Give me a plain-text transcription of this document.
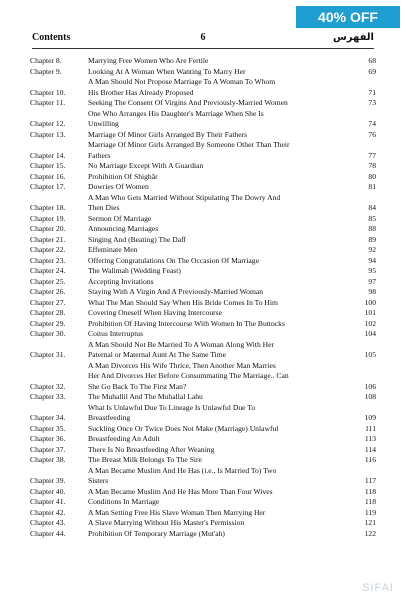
40% OFF
Contents	6	الفهرس
Chapter 8.	Marrying Free Women Who Are Fertile	68
Chapter 9.	Looking At A Woman When Wanting To Marry Her	69
Chapter 10.
A Man Should Not Propose Marriage To A Woman To Whom
His Brother Has Already Proposed	71
Chapter 11.	Seeking The Consent Of Virgins And Previously-Married Women	73
Chapter 12.
One Who Arranges His Daughter's Marriage When She Is
Unwilling	74
Chapter 13.	Marriage Of Minor Girls Arranged By Their Fathers	76
Chapter 14.
Marriage Of Minor Girls Arranged By Someone Other Than Their
Fathers	77
Chapter 15.	No Marriage Except With A Guardian	78
Chapter 16.	Prohibition Of Shighār	80
Chapter 17.	Dowries Of Women	81
Chapter 18.
A Man Who Gets Married Without Stipulating The Dowry And
Then Dies	84
Chapter 19.	Sermon Of Marriage	85
Chapter 20.	Announcing Marriages	88
Chapter 21.	Singing And (Beating) The Daff	89
Chapter 22.	Effeminate Men	92
Chapter 23.	Offering Congratulations On The Occasion Of Marriage	94
Chapter 24.	The Walimah (Wedding Feast)	95
Chapter 25.	Accepting Invitations	97
Chapter 26.	Staying With A Virgin And A Previously-Married Woman	98
Chapter 27.	What The Man Should Say When His Bride Comes In To Him	100
Chapter 28.	Covering Oneself When Having Intercourse	101
Chapter 29.	Prohibition Of Having Intercourse With Women In The Buttocks	102
Chapter 30.	Coitus Interruptus	104
Chapter 31.
A Man Should Not Be Married To A Woman Along With Her
Paternal or Maternal Aunt At The Same Time	105
Chapter 32.
A Man Divorces His Wife Thrice, Then Another Man Marries
Her And Divorces Her Before Consummating The Marriage.. Can
She Go Back To The First Man?	106
Chapter 33.	The Muhallil And The Muhallal Lahu	108
Chapter 34.
What Is Unlawful Due To Lineage Is Unlawful Due To
Breastfeeding	109
Chapter 35.	Suckling Once Or Twice Does Not Make (Marriage) Unlawful	111
Chapter 36.	Breastfeeding An Adult	113
Chapter 37.	There Is No Breastfeeding After Weaning	114
Chapter 38.	The Breast Milk Belongs To The Sire	116
Chapter 39.
A Man Became Muslim And He Has (i.e., Is Married To) Two
Sisters	117
Chapter 40.	A Man Became Muslim And He Has More Than Four Wives	118
Chapter 41.	Conditions In Marriage	118
Chapter 42.	A Man Setting Free His Slave Woman Then Marrying Her	119
Chapter 43.	A Slave Marrying Without His Master's Permission	121
Chapter 44.	Prohibition Of Temporary Marriage (Mut'ah)	122
SIFAI
